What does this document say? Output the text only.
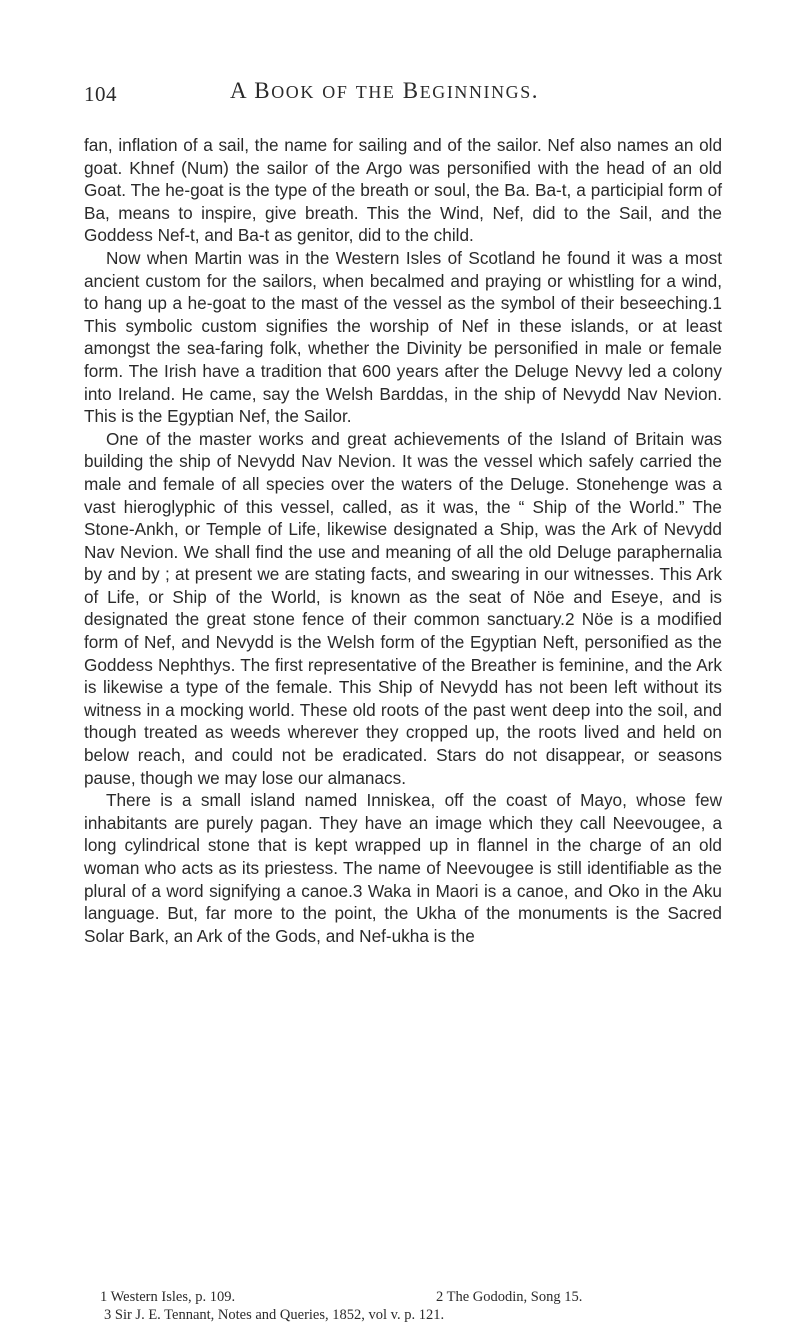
104	A BOOK OF THE BEGINNINGS.

fan, inflation of a sail, the name for sailing and of the sailor. Nef also names an old goat. Khnef (Num) the sailor of the Argo was personified with the head of an old Goat. The he-goat is the type of the breath or soul, the Ba. Ba-t, a participial form of Ba, means to inspire, give breath. This the Wind, Nef, did to the Sail, and the Goddess Nef-t, and Ba-t as genitor, did to the child.

Now when Martin was in the Western Isles of Scotland he found it was a most ancient custom for the sailors, when becalmed and praying or whistling for a wind, to hang up a he-goat to the mast of the vessel as the symbol of their beseeching.1 This symbolic custom signifies the worship of Nef in these islands, or at least amongst the sea-faring folk, whether the Divinity be personified in male or female form. The Irish have a tradition that 600 years after the Deluge Nevvy led a colony into Ireland. He came, say the Welsh Barddas, in the ship of Nevydd Nav Nevion. This is the Egyptian Nef, the Sailor.

One of the master works and great achievements of the Island of Britain was building the ship of Nevydd Nav Nevion. It was the vessel which safely carried the male and female of all species over the waters of the Deluge. Stonehenge was a vast hieroglyphic of this vessel, called, as it was, the “ Ship of the World.” The Stone-Ankh, or Temple of Life, likewise designated a Ship, was the Ark of Nevydd Nav Nevion. We shall find the use and meaning of all the old Deluge paraphernalia by and by ; at present we are stating facts, and swearing in our witnesses. This Ark of Life, or Ship of the World, is known as the seat of Nöe and Eseye, and is designated the great stone fence of their common sanctuary.2 Nöe is a modified form of Nef, and Nevydd is the Welsh form of the Egyptian Neft, personified as the Goddess Nephthys. The first representative of the Breather is feminine, and the Ark is likewise a type of the female. This Ship of Nevydd has not been left without its witness in a mocking world. These old roots of the past went deep into the soil, and though treated as weeds wherever they cropped up, the roots lived and held on below reach, and could not be eradicated. Stars do not disappear, or seasons pause, though we may lose our almanacs.

There is a small island named Inniskea, off the coast of Mayo, whose few inhabitants are purely pagan. They have an image which they call Neevougee, a long cylindrical stone that is kept wrapped up in flannel in the charge of an old woman who acts as its priestess. The name of Neevougee is still identifiable as the plural of a word signifying a canoe.3 Waka in Maori is a canoe, and Oko in the Aku language. But, far more to the point, the Ukha of the monuments is the Sacred Solar Bark, an Ark of the Gods, and Nef-ukha is the

1 Western Isles, p. 109.	2 The Gododin, Song 15.
3 Sir J. E. Tennant, Notes and Queries, 1852, vol v. p. 121.
